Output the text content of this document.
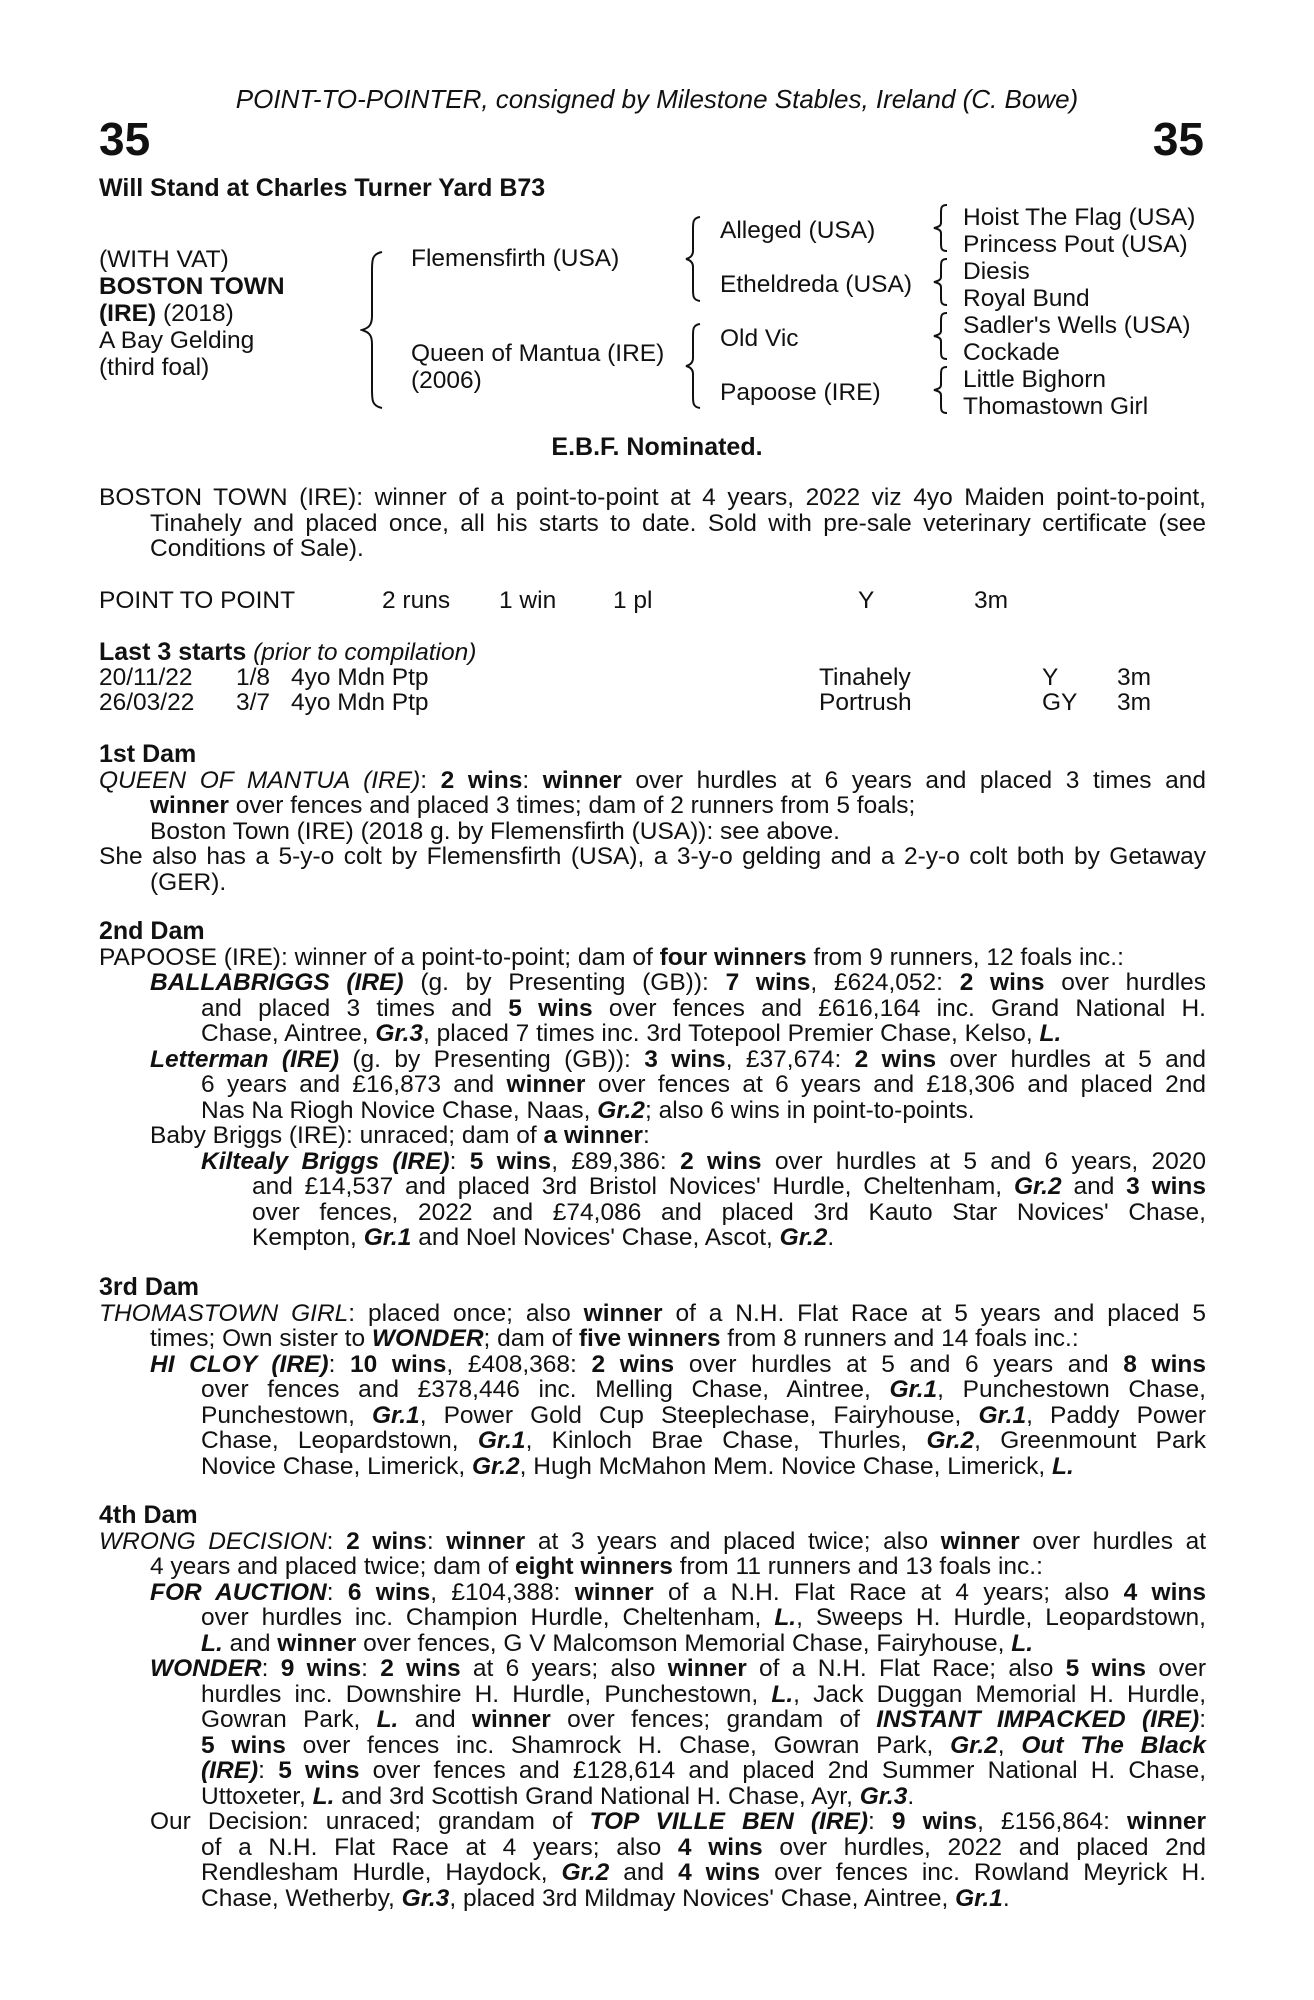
POINT-TO-POINTER, consigned by Milestone Stables, Ireland (C. Bowe)
35	35
Will Stand at Charles Turner Yard B73
(WITH VAT)
BOSTON TOWN
(IRE) (2018)
A Bay Gelding
(third foal)
Flemensfirth (USA)
Queen of Mantua (IRE)
(2006)
Alleged (USA)
Etheldreda (USA)
Old Vic
Papoose (IRE)
Hoist The Flag (USA)
Princess Pout (USA)
Diesis
Royal Bund
Sadler's Wells (USA)
Cockade
Little Bighorn
Thomastown Girl
E.B.F. Nominated.
BOSTON TOWN (IRE): winner of a point-to-point at 4 years, 2022 viz 4yo Maiden point-to-point,
Tinahely and placed once, all his starts to date. Sold with pre-sale veterinary certificate (see
Conditions of Sale).
POINT TO POINT	2 runs 1 win 1 pl	Y	3m
Last 3 starts (prior to compilation)
20/11/22 1/8 4yo Mdn Ptp	Tinahely	Y 3m
26/03/22 3/7 4yo Mdn Ptp	Portrush	GY 3m
1st Dam
QUEEN OF MANTUA (IRE): 2 wins: winner over hurdles at 6 years and placed 3 times and
winner over fences and placed 3 times; dam of 2 runners from 5 foals;
Boston Town (IRE) (2018 g. by Flemensfirth (USA)): see above.
She also has a 5-y-o colt by Flemensfirth (USA), a 3-y-o gelding and a 2-y-o colt both by Getaway
(GER).
2nd Dam
PAPOOSE (IRE): winner of a point-to-point; dam of four winners from 9 runners, 12 foals inc.:
BALLABRIGGS (IRE) (g. by Presenting (GB)): 7 wins, £624,052: 2 wins over hurdles
and placed 3 times and 5 wins over fences and £616,164 inc. Grand National H.
Chase, Aintree, Gr.3, placed 7 times inc. 3rd Totepool Premier Chase, Kelso, L.
Letterman (IRE) (g. by Presenting (GB)): 3 wins, £37,674: 2 wins over hurdles at 5 and
6 years and £16,873 and winner over fences at 6 years and £18,306 and placed 2nd
Nas Na Riogh Novice Chase, Naas, Gr.2; also 6 wins in point-to-points.
Baby Briggs (IRE): unraced; dam of a winner:
Kiltealy Briggs (IRE): 5 wins, £89,386: 2 wins over hurdles at 5 and 6 years, 2020
and £14,537 and placed 3rd Bristol Novices' Hurdle, Cheltenham, Gr.2 and 3 wins
over fences, 2022 and £74,086 and placed 3rd Kauto Star Novices' Chase,
Kempton, Gr.1 and Noel Novices' Chase, Ascot, Gr.2.
3rd Dam
THOMASTOWN GIRL: placed once; also winner of a N.H. Flat Race at 5 years and placed 5
times; Own sister to WONDER; dam of five winners from 8 runners and 14 foals inc.:
HI CLOY (IRE): 10 wins, £408,368: 2 wins over hurdles at 5 and 6 years and 8 wins
over fences and £378,446 inc. Melling Chase, Aintree, Gr.1, Punchestown Chase,
Punchestown, Gr.1, Power Gold Cup Steeplechase, Fairyhouse, Gr.1, Paddy Power
Chase, Leopardstown, Gr.1, Kinloch Brae Chase, Thurles, Gr.2, Greenmount Park
Novice Chase, Limerick, Gr.2, Hugh McMahon Mem. Novice Chase, Limerick, L.
4th Dam
WRONG DECISION: 2 wins: winner at 3 years and placed twice; also winner over hurdles at
4 years and placed twice; dam of eight winners from 11 runners and 13 foals inc.:
FOR AUCTION: 6 wins, £104,388: winner of a N.H. Flat Race at 4 years; also 4 wins
over hurdles inc. Champion Hurdle, Cheltenham, L., Sweeps H. Hurdle, Leopardstown,
L. and winner over fences, G V Malcomson Memorial Chase, Fairyhouse, L.
WONDER: 9 wins: 2 wins at 6 years; also winner of a N.H. Flat Race; also 5 wins over
hurdles inc. Downshire H. Hurdle, Punchestown, L., Jack Duggan Memorial H. Hurdle,
Gowran Park, L. and winner over fences; grandam of INSTANT IMPACKED (IRE):
5 wins over fences inc. Shamrock H. Chase, Gowran Park, Gr.2, Out The Black
(IRE): 5 wins over fences and £128,614 and placed 2nd Summer National H. Chase,
Uttoxeter, L. and 3rd Scottish Grand National H. Chase, Ayr, Gr.3.
Our Decision: unraced; grandam of TOP VILLE BEN (IRE): 9 wins, £156,864: winner
of a N.H. Flat Race at 4 years; also 4 wins over hurdles, 2022 and placed 2nd
Rendlesham Hurdle, Haydock, Gr.2 and 4 wins over fences inc. Rowland Meyrick H.
Chase, Wetherby, Gr.3, placed 3rd Mildmay Novices' Chase, Aintree, Gr.1.
